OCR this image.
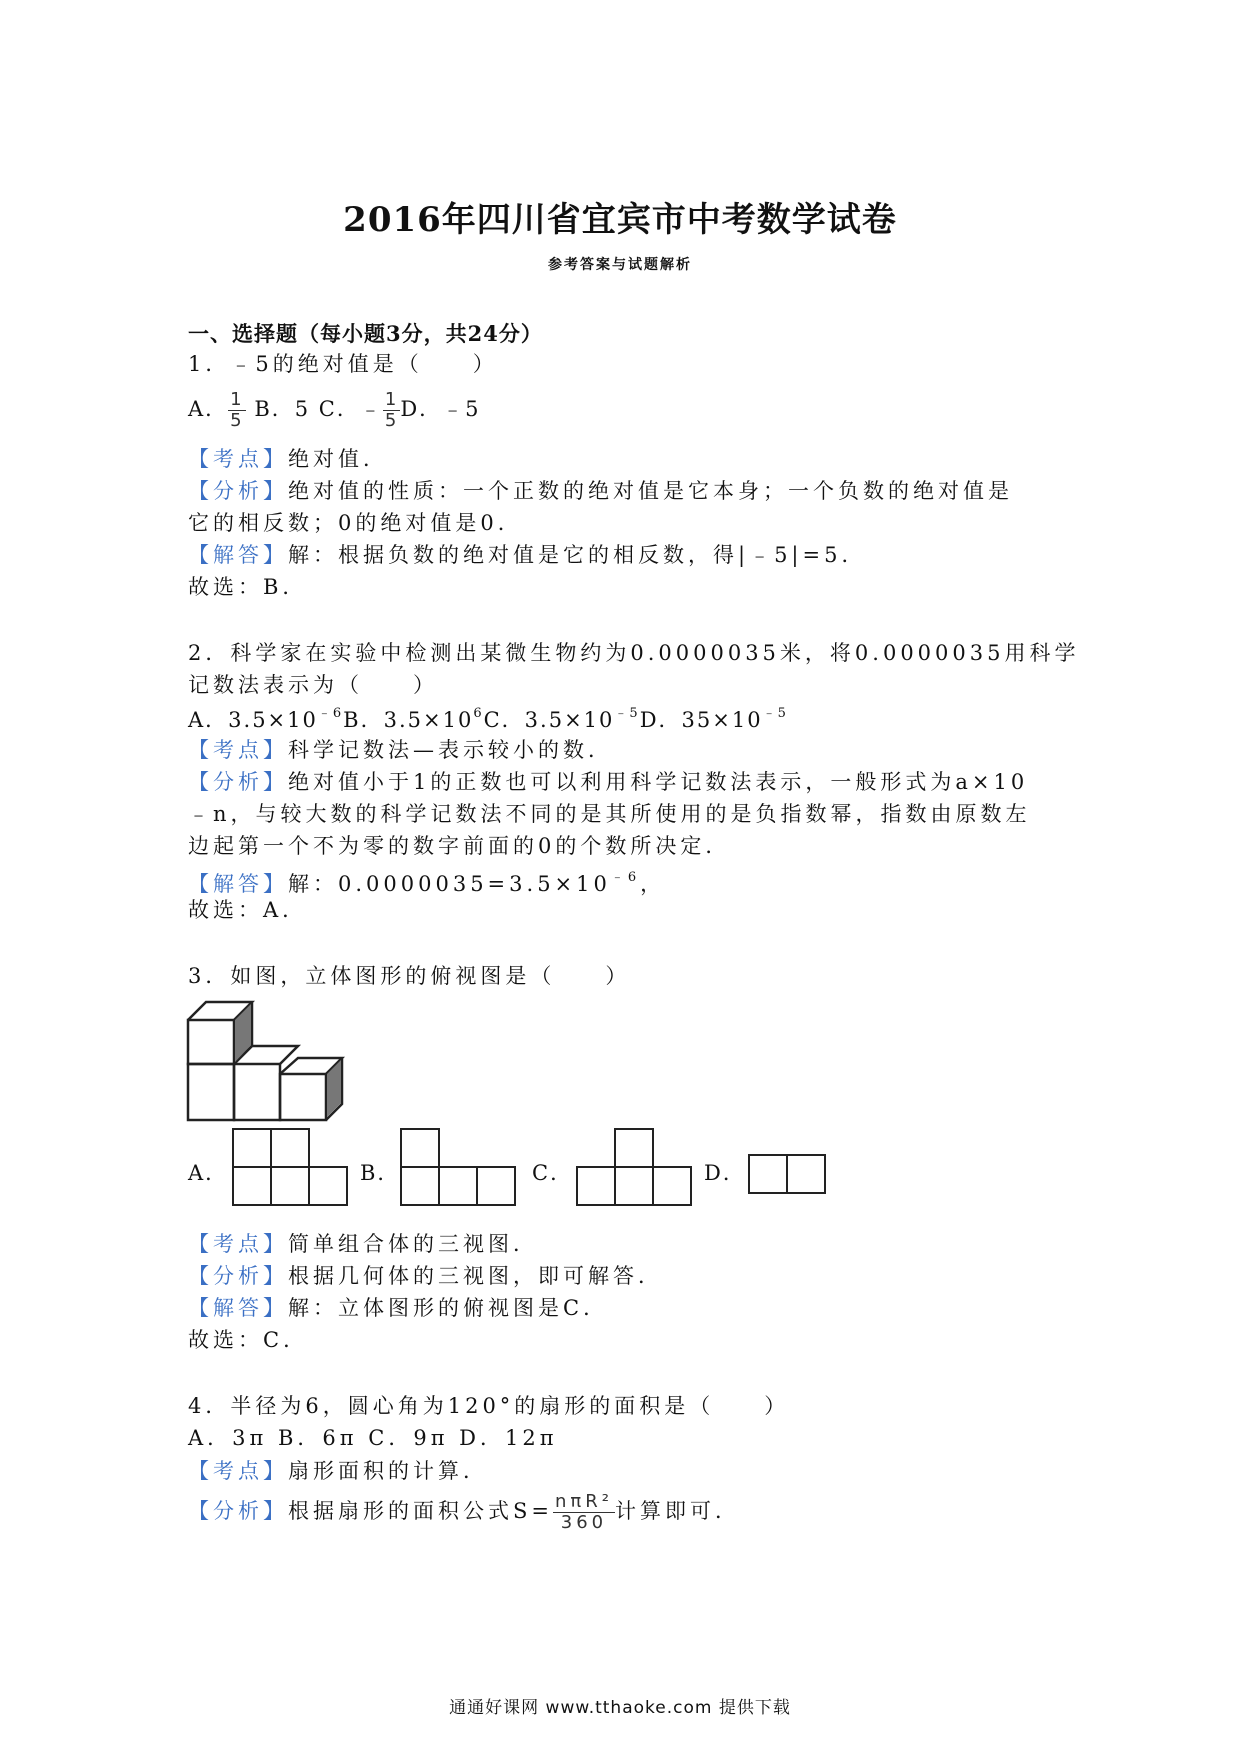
2016年四川省宜宾市中考数学试卷
参考答案与试题解析
一、选择题（每小题3分，共24分）
1．﹣5的绝对值是（　　）
A． $\frac{1}{5}$ B．5 C．﹣ $\frac{1}{5}$ D．﹣5
【考点】绝对值．
【分析】绝对值的性质：一个正数的绝对值是它本身；一个负数的绝对值是
它的相反数；0的绝对值是0．
【解答】解：根据负数的绝对值是它的相反数，得|﹣5|=5．
故选：B．
2．科学家在实验中检测出某微生物约为0.0000035米，将0.0000035用科学
记数法表示为（　　）
A．$3.5\times 10^{﹣6}B$．$3.5\times 10^6C$．$3.5\times 10^{﹣5}D$．$35\times 10^{﹣5}$
【考点】科学记数法—表示较小的数．
【分析】绝对值小于1的正数也可以利用科学记数法表示，一般形式为a×10
﹣n，与较大数的科学记数法不同的是其所使用的是负指数幂，指数由原数左
边起第一个不为零的数字前面的0的个数所决定．
【解答】解：$0.0000035=3.5\times 10^{﹣6}$，
故选：A．
3．如图，立体图形的俯视图是（　　）
A．	B．	C．	D．
【考点】简单组合体的三视图．
【分析】根据几何体的三视图，即可解答．
【解答】解：立体图形的俯视图是C．
故选：C．
4．半径为6，圆心角为120°的扇形的面积是（　　）
A．3π B．6π C．9π D．12π
【考点】扇形面积的计算．
【分析】根据扇形的面积公式$S= \frac{\text{nπR²}}{360}$ 计算即可．
通通好课网 www.tthaoke.com 提供下载
